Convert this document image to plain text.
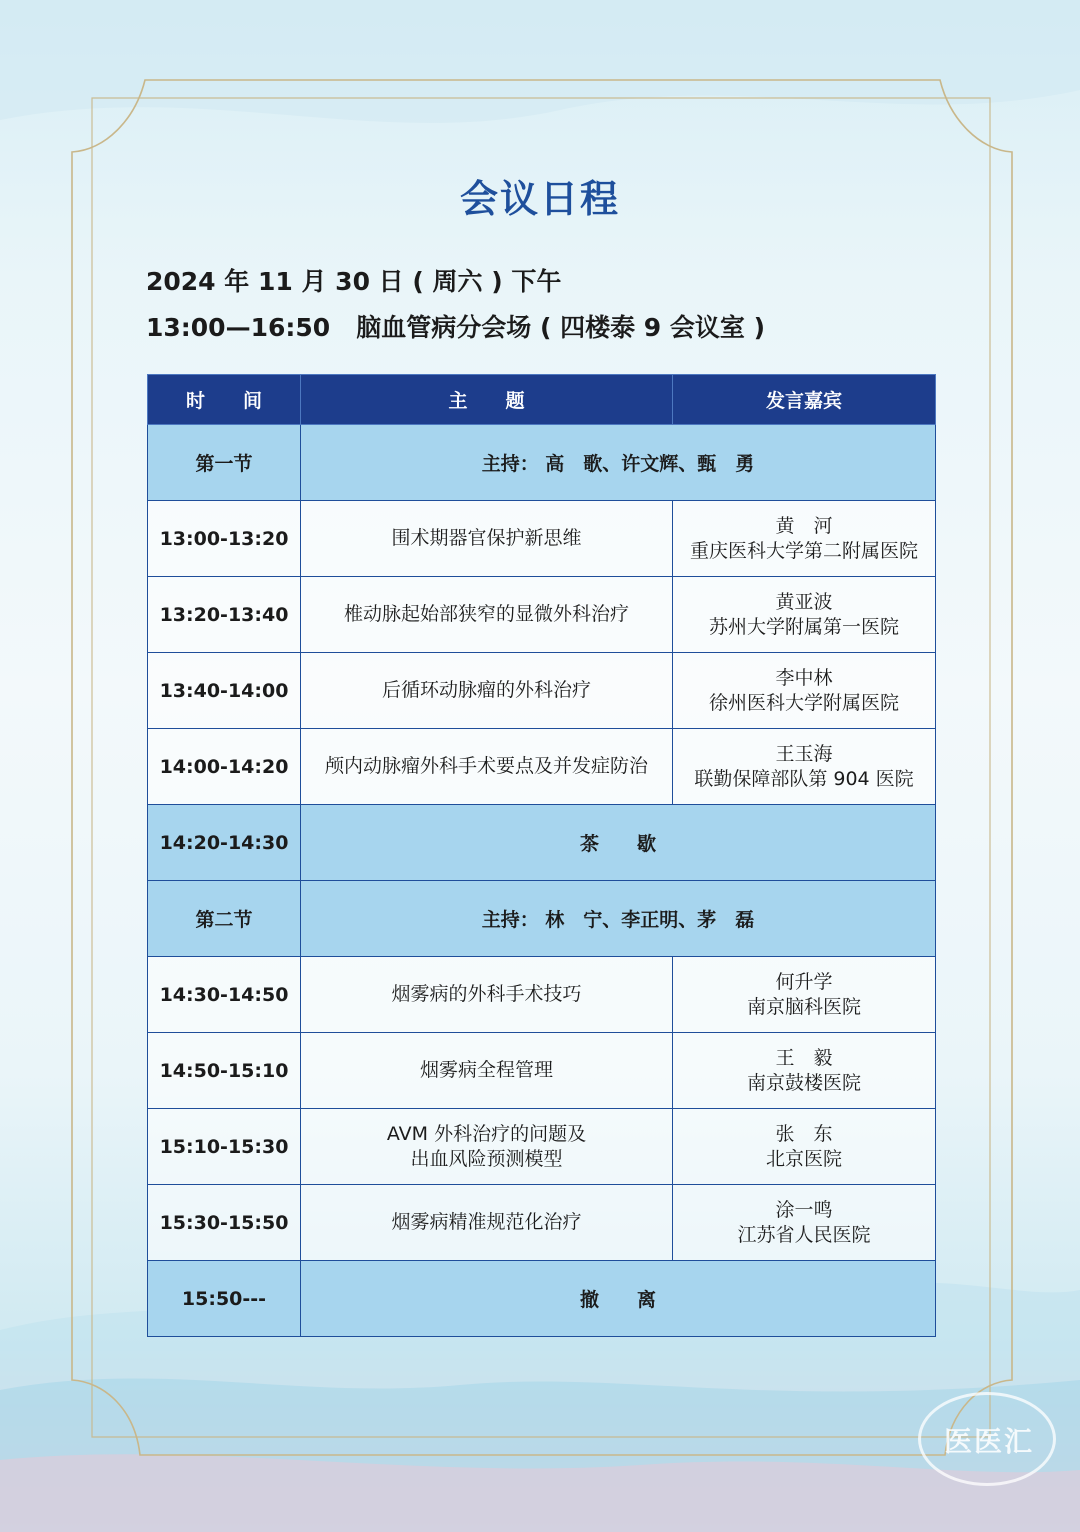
会议日程
2024 年 11 月 30 日 ( 周六 ) 下午
13:00—16:50   脑血管病分会场 ( 四楼泰 9 会议室 )
时　　间	主　　题	发言嘉宾
第一节	主持： 高　歌、许文辉、甄　勇	
13:00-13:20	围术期器官保护新思维	黄　河
重庆医科大学第二附属医院

13:20-13:40	椎动脉起始部狭窄的显微外科治疗	黄亚波
苏州大学附属第一医院

13:40-14:00	后循环动脉瘤的外科治疗	李中林
徐州医科大学附属医院

14:00-14:20	颅内动脉瘤外科手术要点及并发症防治	王玉海
联勤保障部队第 904 医院

14:20-14:30	茶　　歇	
第二节	主持： 林　宁、李正明、茅　磊	
14:30-14:50	烟雾病的外科手术技巧	何升学
南京脑科医院

14:50-15:10	烟雾病全程管理	王　毅
南京鼓楼医院

15:10-15:30	AVM 外科治疗的问题及
出血风险预测模型	张　东
北京医院

15:30-15:50	烟雾病精准规范化治疗	涂一鸣
江苏省人民医院

15:50---	撤　　离	
医医汇
